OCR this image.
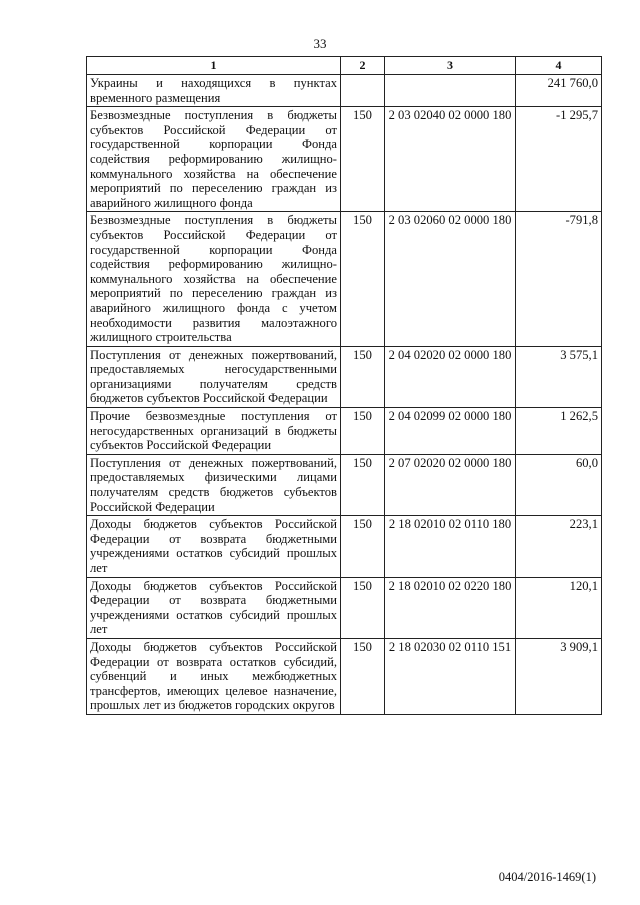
33
1	2	3	4
Украины и находящихся в пунктах временного размещения			241 760,0
Безвозмездные поступления в бюджеты субъектов Российской Федерации от государственной корпорации Фонда содействия реформированию жилищно-коммунального хозяйства на обеспечение мероприятий по переселению граждан из аварийного жилищного фонда	150	2 03 02040 02 0000 180	-1 295,7
Безвозмездные поступления в бюджеты субъектов Российской Федерации от государственной корпорации Фонда содействия реформированию жилищно-коммунального хозяйства на обеспечение мероприятий по переселению граждан из аварийного жилищного фонда с учетом необходимости развития малоэтажного жилищного строительства	150	2 03 02060 02 0000 180	-791,8
Поступления от денежных пожертвований, предоставляемых негосударственными организациями получателям средств бюджетов субъектов Российской Федерации	150	2 04 02020 02 0000 180	3 575,1
Прочие безвозмездные поступления от негосударственных организаций в бюджеты субъектов Российской Федерации	150	2 04 02099 02 0000 180	1 262,5
Поступления от денежных пожертвований, предоставляемых физическими лицами получателям средств бюджетов субъектов Российской Федерации	150	2 07 02020 02 0000 180	60,0
Доходы бюджетов субъектов Российской Федерации от возврата бюджетными учреждениями остатков субсидий прошлых лет	150	2 18 02010 02 0110 180	223,1
Доходы бюджетов субъектов Российской Федерации от возврата бюджетными учреждениями остатков субсидий прошлых лет	150	2 18 02010 02 0220 180	120,1
Доходы бюджетов субъектов Российской Федерации от возврата остатков субсидий, субвенций и иных межбюджетных трансфертов, имеющих целевое назначение, прошлых лет из бюджетов городских округов	150	2 18 02030 02 0110 151	3 909,1
0404/2016-1469(1)
